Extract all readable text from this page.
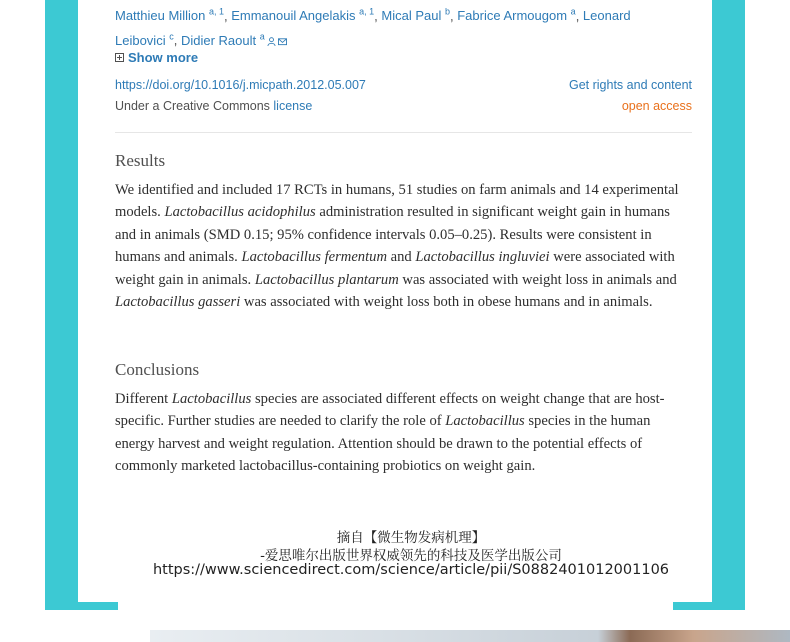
Matthieu Million $^{a, 1}$, Emmanouil Angelakis $^{a, 1}$, Mical Paul $^b$, Fabrice Armougom $^a$, Leonard Leibovici $^c$, Didier Raoult $^a$
Show more
https://doi.org/10.1016/j.micpath.2012.05.007
Under a Creative Commons license
Get rights and content
open access
Results
We identified and included 17 RCTs in humans, 51 studies on farm animals and 14 experimental models. Lactobacillus acidophilus administration resulted in significant weight gain in humans and in animals (SMD 0.15; 95% confidence intervals 0.05–0.25). Results were consistent in humans and animals. Lactobacillus fermentum and Lactobacillus ingluviei were associated with weight gain in animals. Lactobacillus plantarum was associated with weight loss in animals and Lactobacillus gasseri was associated with weight loss both in obese humans and in animals.
Conclusions
Different Lactobacillus species are associated different effects on weight change that are host-specific. Further studies are needed to clarify the role of Lactobacillus species in the human energy harvest and weight regulation. Attention should be drawn to the potential effects of commonly marketed lactobacillus-containing probiotics on weight gain.
摘自【微生物发病机理】
-爱思唯尔出版世界权威领先的科技及医学出版公司
https://www.sciencedirect.com/science/article/pii/S0882401012001106
